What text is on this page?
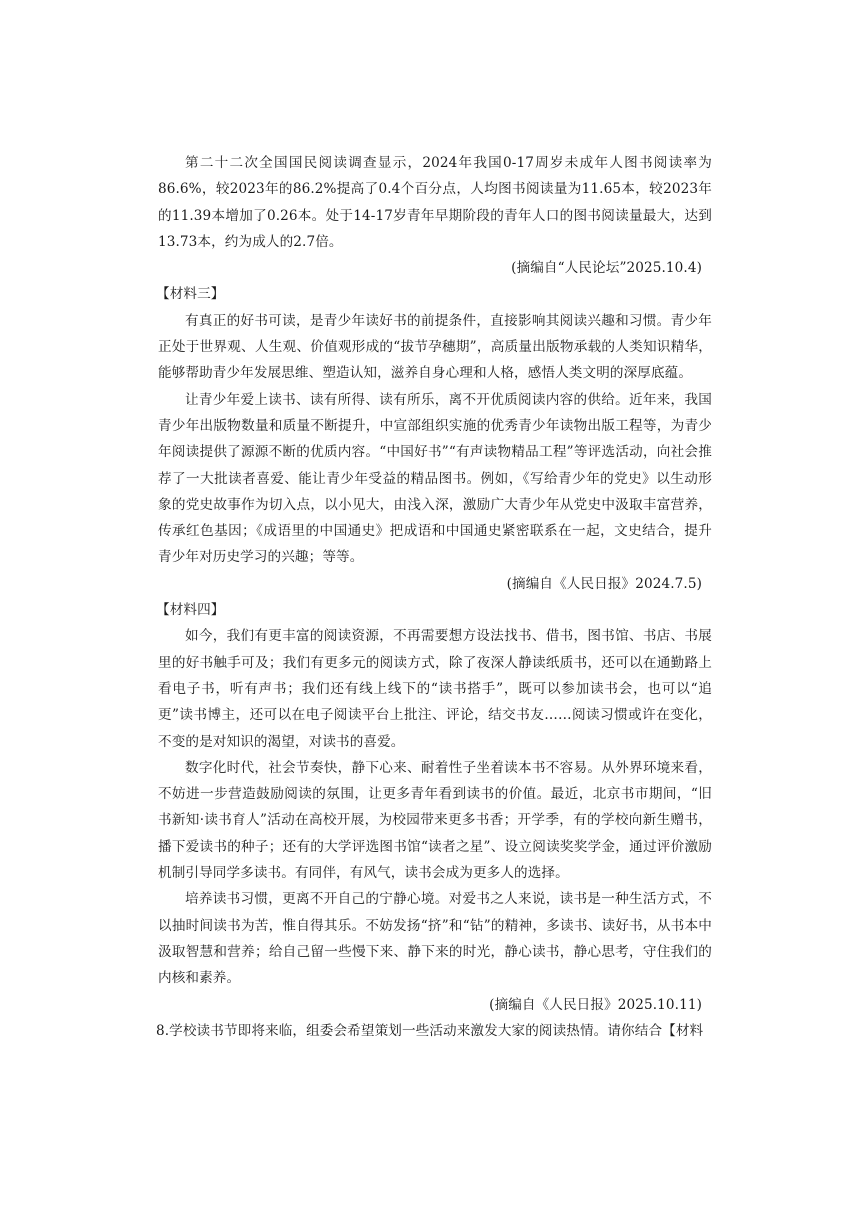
第二十二次全国国民阅读调查显示，2024年我国0-17周岁未成年人图书阅读率为86.6%，较2023年的86.2%提高了0.4个百分点，人均图书阅读量为11.65本，较2023年的11.39本增加了0.26本。处于14-17岁青年早期阶段的青年人口的图书阅读量最大，达到13.73本，约为成人的2.7倍。

(摘编自“人民论坛”2025.10.4)

【材料三】

有真正的好书可读，是青少年读好书的前提条件，直接影响其阅读兴趣和习惯。青少年正处于世界观、人生观、价值观形成的“拔节孕穗期”，高质量出版物承载的人类知识精华，能够帮助青少年发展思维、塑造认知，滋养自身心理和人格，感悟人类文明的深厚底蕴。

让青少年爱上读书、读有所得、读有所乐，离不开优质阅读内容的供给。近年来，我国青少年出版物数量和质量不断提升，中宣部组织实施的优秀青少年读物出版工程等，为青少年阅读提供了源源不断的优质内容。“中国好书”“有声读物精品工程”等评选活动，向社会推荐了一大批读者喜爱、能让青少年受益的精品图书。例如，《写给青少年的党史》以生动形象的党史故事作为切入点，以小见大，由浅入深，激励广大青少年从党史中汲取丰富营养，传承红色基因；《成语里的中国通史》把成语和中国通史紧密联系在一起，文史结合，提升青少年对历史学习的兴趣；等等。

(摘编自《人民日报》2024.7.5)

【材料四】

如今，我们有更丰富的阅读资源，不再需要想方设法找书、借书，图书馆、书店、书展里的好书触手可及；我们有更多元的阅读方式，除了夜深人静读纸质书，还可以在通勤路上看电子书，听有声书；我们还有线上线下的“读书搭手”，既可以参加读书会，也可以“追更”读书博主，还可以在电子阅读平台上批注、评论，结交书友……阅读习惯或许在变化，不变的是对知识的渴望，对读书的喜爱。

数字化时代，社会节奏快，静下心来、耐着性子坐着读本书不容易。从外界环境来看，不妨进一步营造鼓励阅读的氛围，让更多青年看到读书的价值。最近，北京书市期间，“旧书新知·读书育人”活动在高校开展，为校园带来更多书香；开学季，有的学校向新生赠书，播下爱读书的种子；还有的大学评选图书馆“读者之星”、设立阅读奖奖学金，通过评价激励机制引导同学多读书。有同伴，有风气，读书会成为更多人的选择。

培养读书习惯，更离不开自己的宁静心境。对爱书之人来说，读书是一种生活方式，不以抽时间读书为苦，惟自得其乐。不妨发扬“挤”和“钻”的精神，多读书、读好书，从书本中汲取智慧和营养；给自己留一些慢下来、静下来的时光，静心读书，静心思考，守住我们的内核和素养。

(摘编自《人民日报》2025.10.11)

8.学校读书节即将来临，组委会希望策划一些活动来激发大家的阅读热情。请你结合【材料
